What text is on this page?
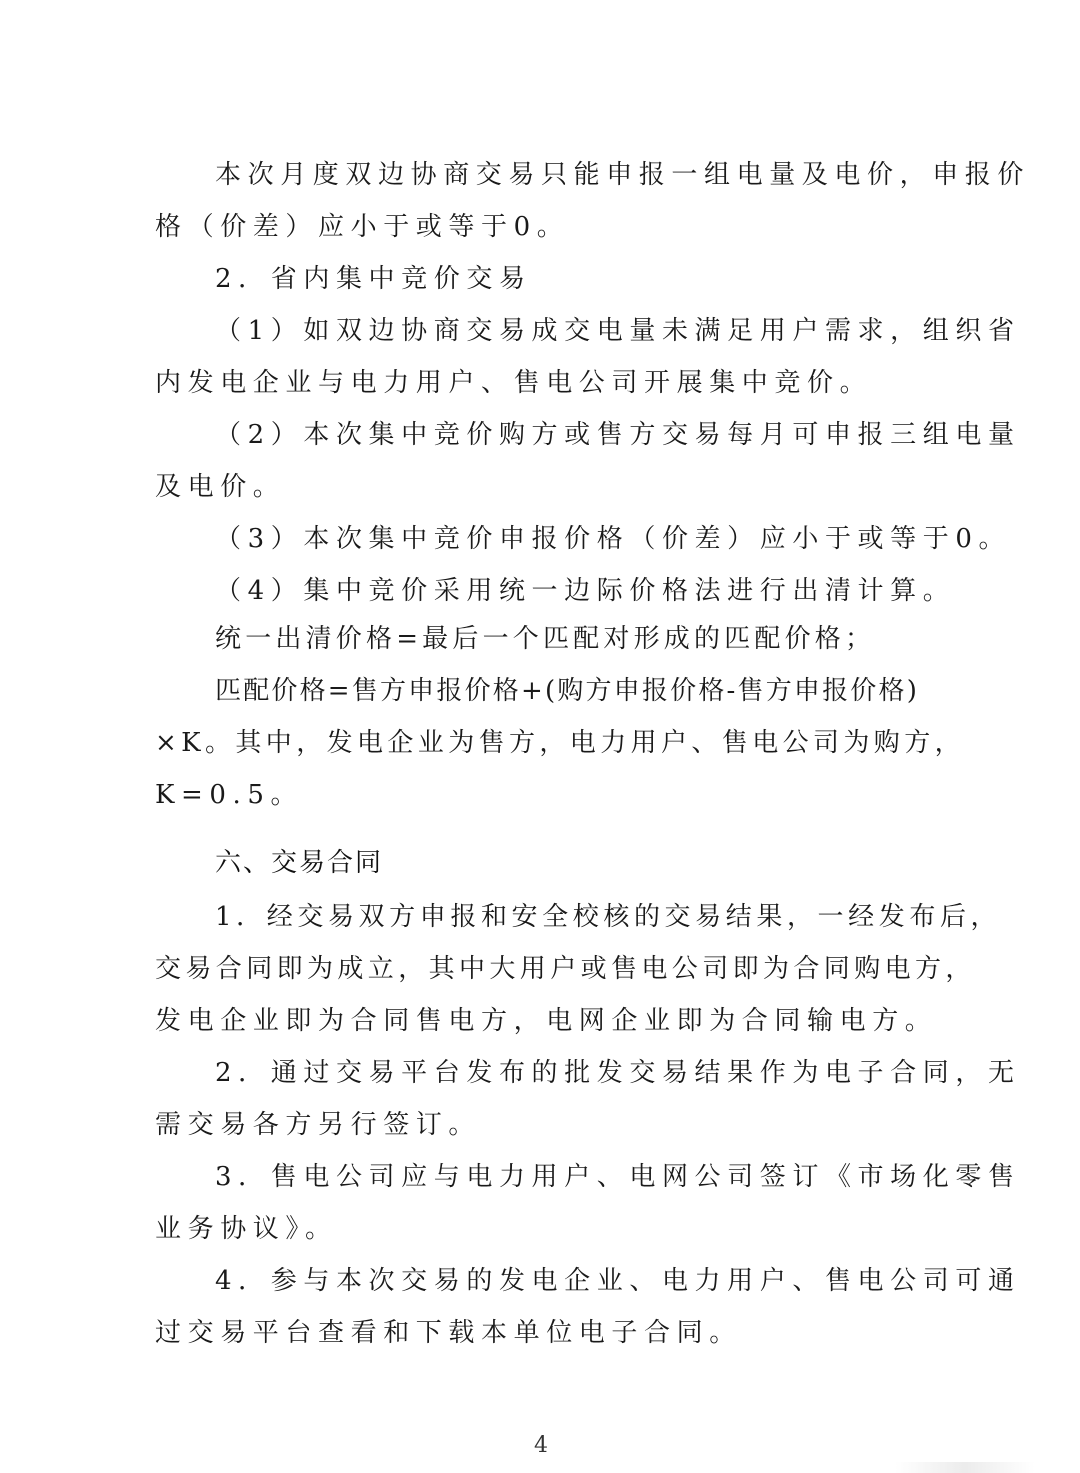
本次月度双边协商交易只能申报一组电量及电价，申报价
格（价差）应小于或等于0。
2．省内集中竞价交易
（1）如双边协商交易成交电量未满足用户需求，组织省
内发电企业与电力用户、售电公司开展集中竞价。
（2）本次集中竞价购方或售方交易每月可申报三组电量
及电价。
（3）本次集中竞价申报价格（价差）应小于或等于0。
（4）集中竞价采用统一边际价格法进行出清计算。
统一出清价格=最后一个匹配对形成的匹配价格；
匹配价格=售方申报价格+(购方申报价格-售方申报价格)
×K。其中，发电企业为售方，电力用户、售电公司为购方，
K=0.5。
六、交易合同
1．经交易双方申报和安全校核的交易结果，一经发布后，
交易合同即为成立，其中大用户或售电公司即为合同购电方，
发电企业即为合同售电方，电网企业即为合同输电方。
2．通过交易平台发布的批发交易结果作为电子合同，无
需交易各方另行签订。
3．售电公司应与电力用户、电网公司签订《市场化零售
业务协议》。
4．参与本次交易的发电企业、电力用户、售电公司可通
过交易平台查看和下载本单位电子合同。
4
